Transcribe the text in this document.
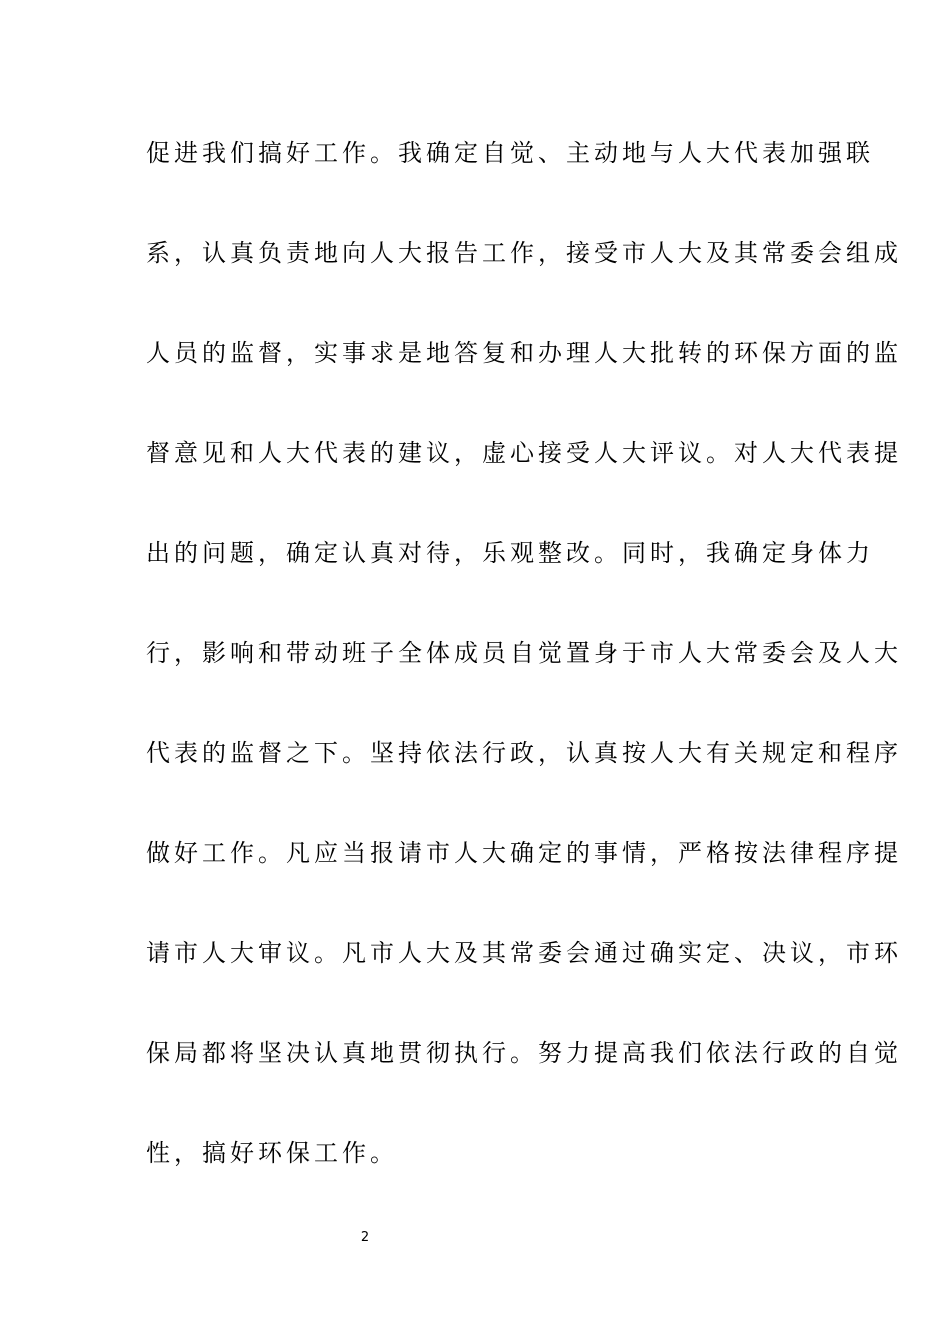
促进我们搞好工作。我确定自觉、主动地与人大代表加强联
系，认真负责地向人大报告工作，接受市人大及其常委会组成
人员的监督，实事求是地答复和办理人大批转的环保方面的监
督意见和人大代表的建议，虚心接受人大评议。对人大代表提
出的问题，确定认真对待，乐观整改。同时，我确定身体力
行，影响和带动班子全体成员自觉置身于市人大常委会及人大
代表的监督之下。坚持依法行政，认真按人大有关规定和程序
做好工作。凡应当报请市人大确定的事情，严格按法律程序提
请市人大审议。凡市人大及其常委会通过确实定、决议，市环
保局都将坚决认真地贯彻执行。努力提高我们依法行政的自觉
性，搞好环保工作。
2
